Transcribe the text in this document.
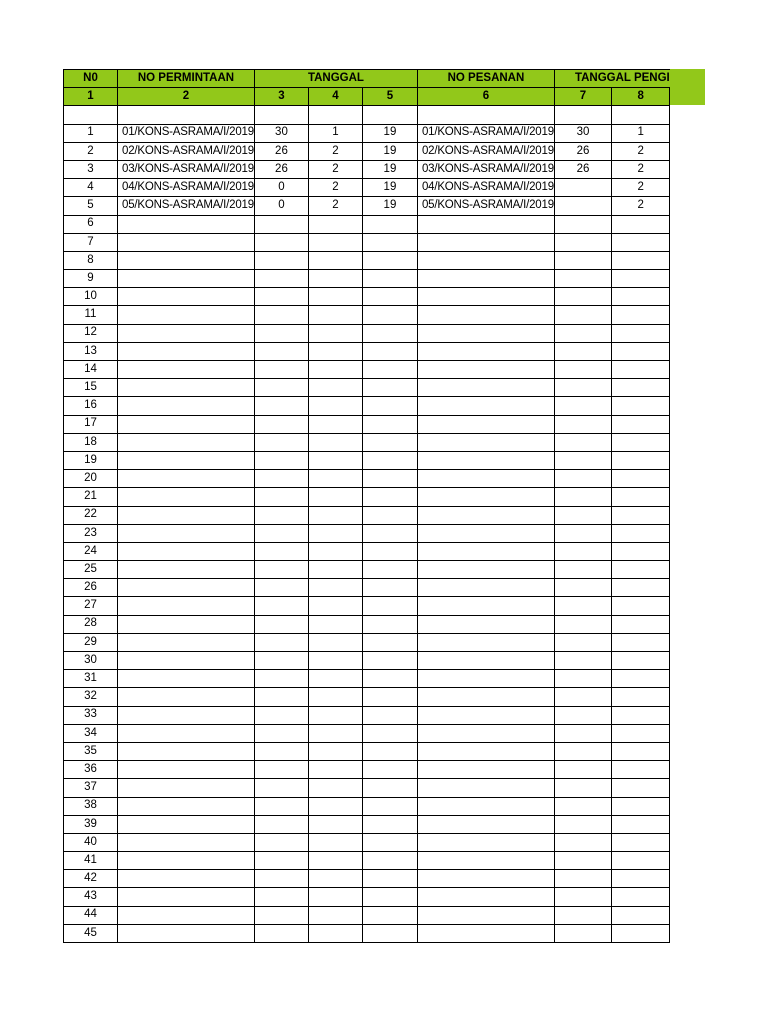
N0	NO PERMINTAAN	TANGGAL			NO PESANAN	TANGGAL PENGI	
1	2	3	4	5	6	7	8

1	01/KONS-ASRAMA/I/2019	30	1	19	01/KONS-ASRAMA/I/2019	30	1
2	02/KONS-ASRAMA/I/2019	26	2	19	02/KONS-ASRAMA/I/2019	26	2
3	03/KONS-ASRAMA/I/2019	26	2	19	03/KONS-ASRAMA/I/2019	26	2
4	04/KONS-ASRAMA/I/2019	0	2	19	04/KONS-ASRAMA/I/2019		2
5	05/KONS-ASRAMA/I/2019	0	2	19	05/KONS-ASRAMA/I/2019		2
6							
7							
8							
9							
10							
11							
12							
13							
14							
15							
16							
17							
18							
19							
20							
21							
22							
23							
24							
25							
26							
27							
28							
29							
30							
31							
32							
33							
34							
35							
36							
37							
38							
39							
40							
41							
42							
43							
44							
45							
